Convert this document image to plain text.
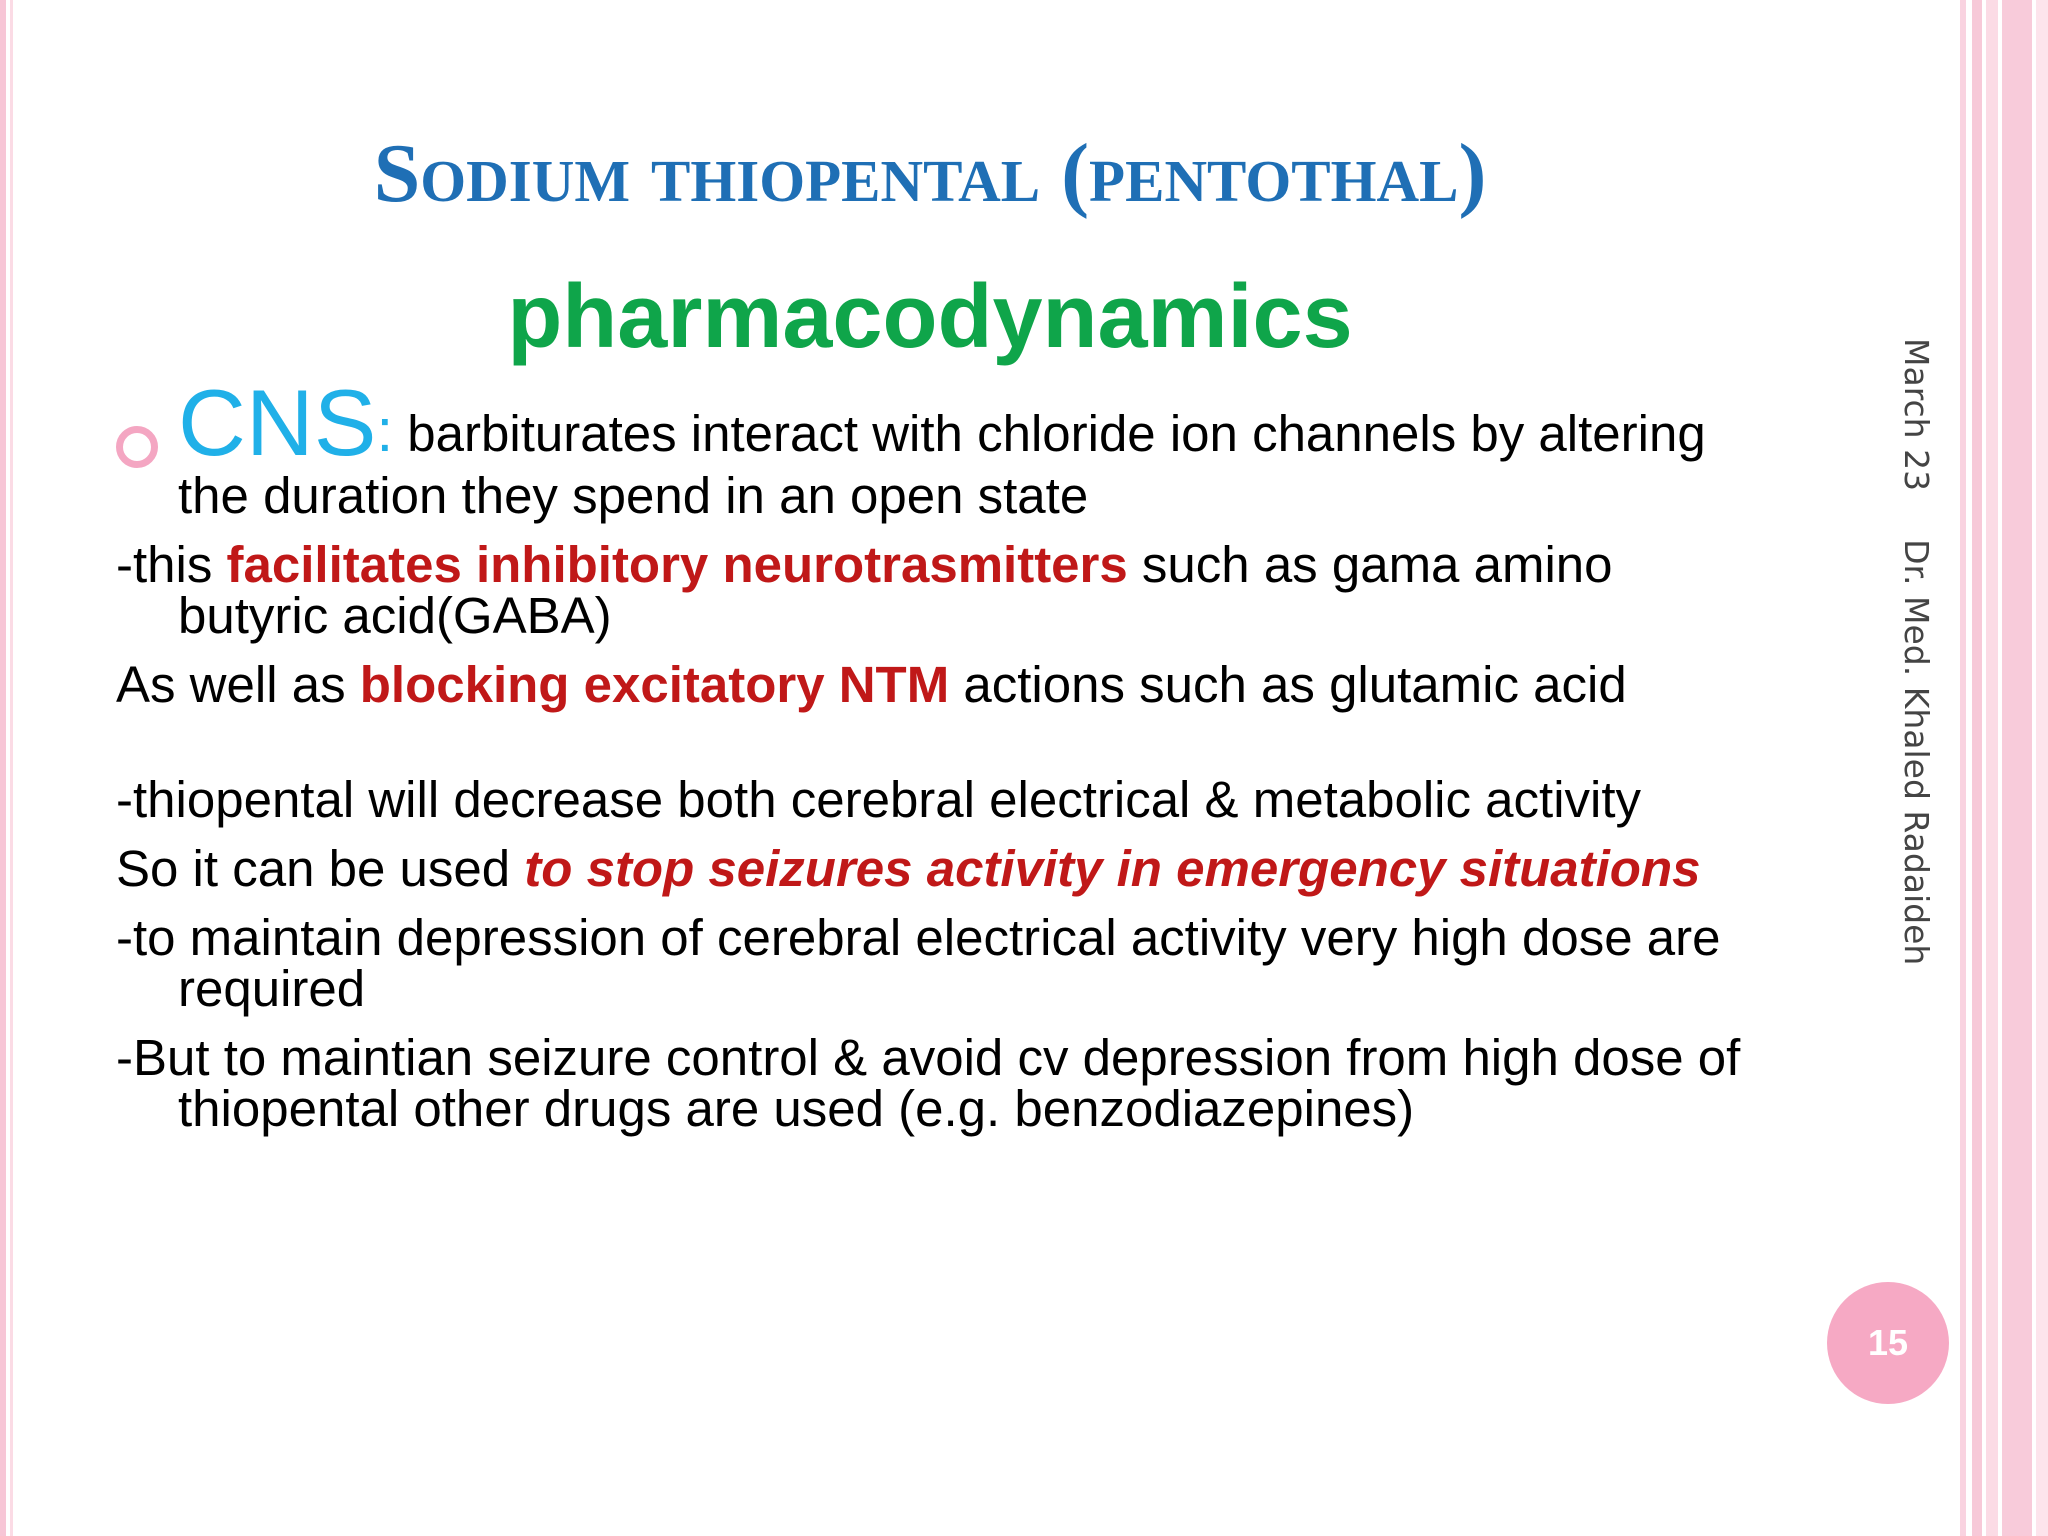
Sodium thiopental (pentothal)
pharmacodynamics
CNS: barbiturates interact with chloride ion channels by altering the duration they spend in an open state
-this facilitates inhibitory neurotrasmitters such as gama amino butyric acid(GABA)
As well as blocking excitatory NTM actions such as glutamic acid
-thiopental will decrease both cerebral electrical & metabolic activity
So it can be used to stop seizures activity in emergency situations
-to maintain depression of cerebral electrical activity very high dose are required
-But to maintian seizure control & avoid cv depression from high dose of thiopental other drugs are used (e.g. benzodiazepines)
March 23Dr. Med. Khaled Radaideh
15
